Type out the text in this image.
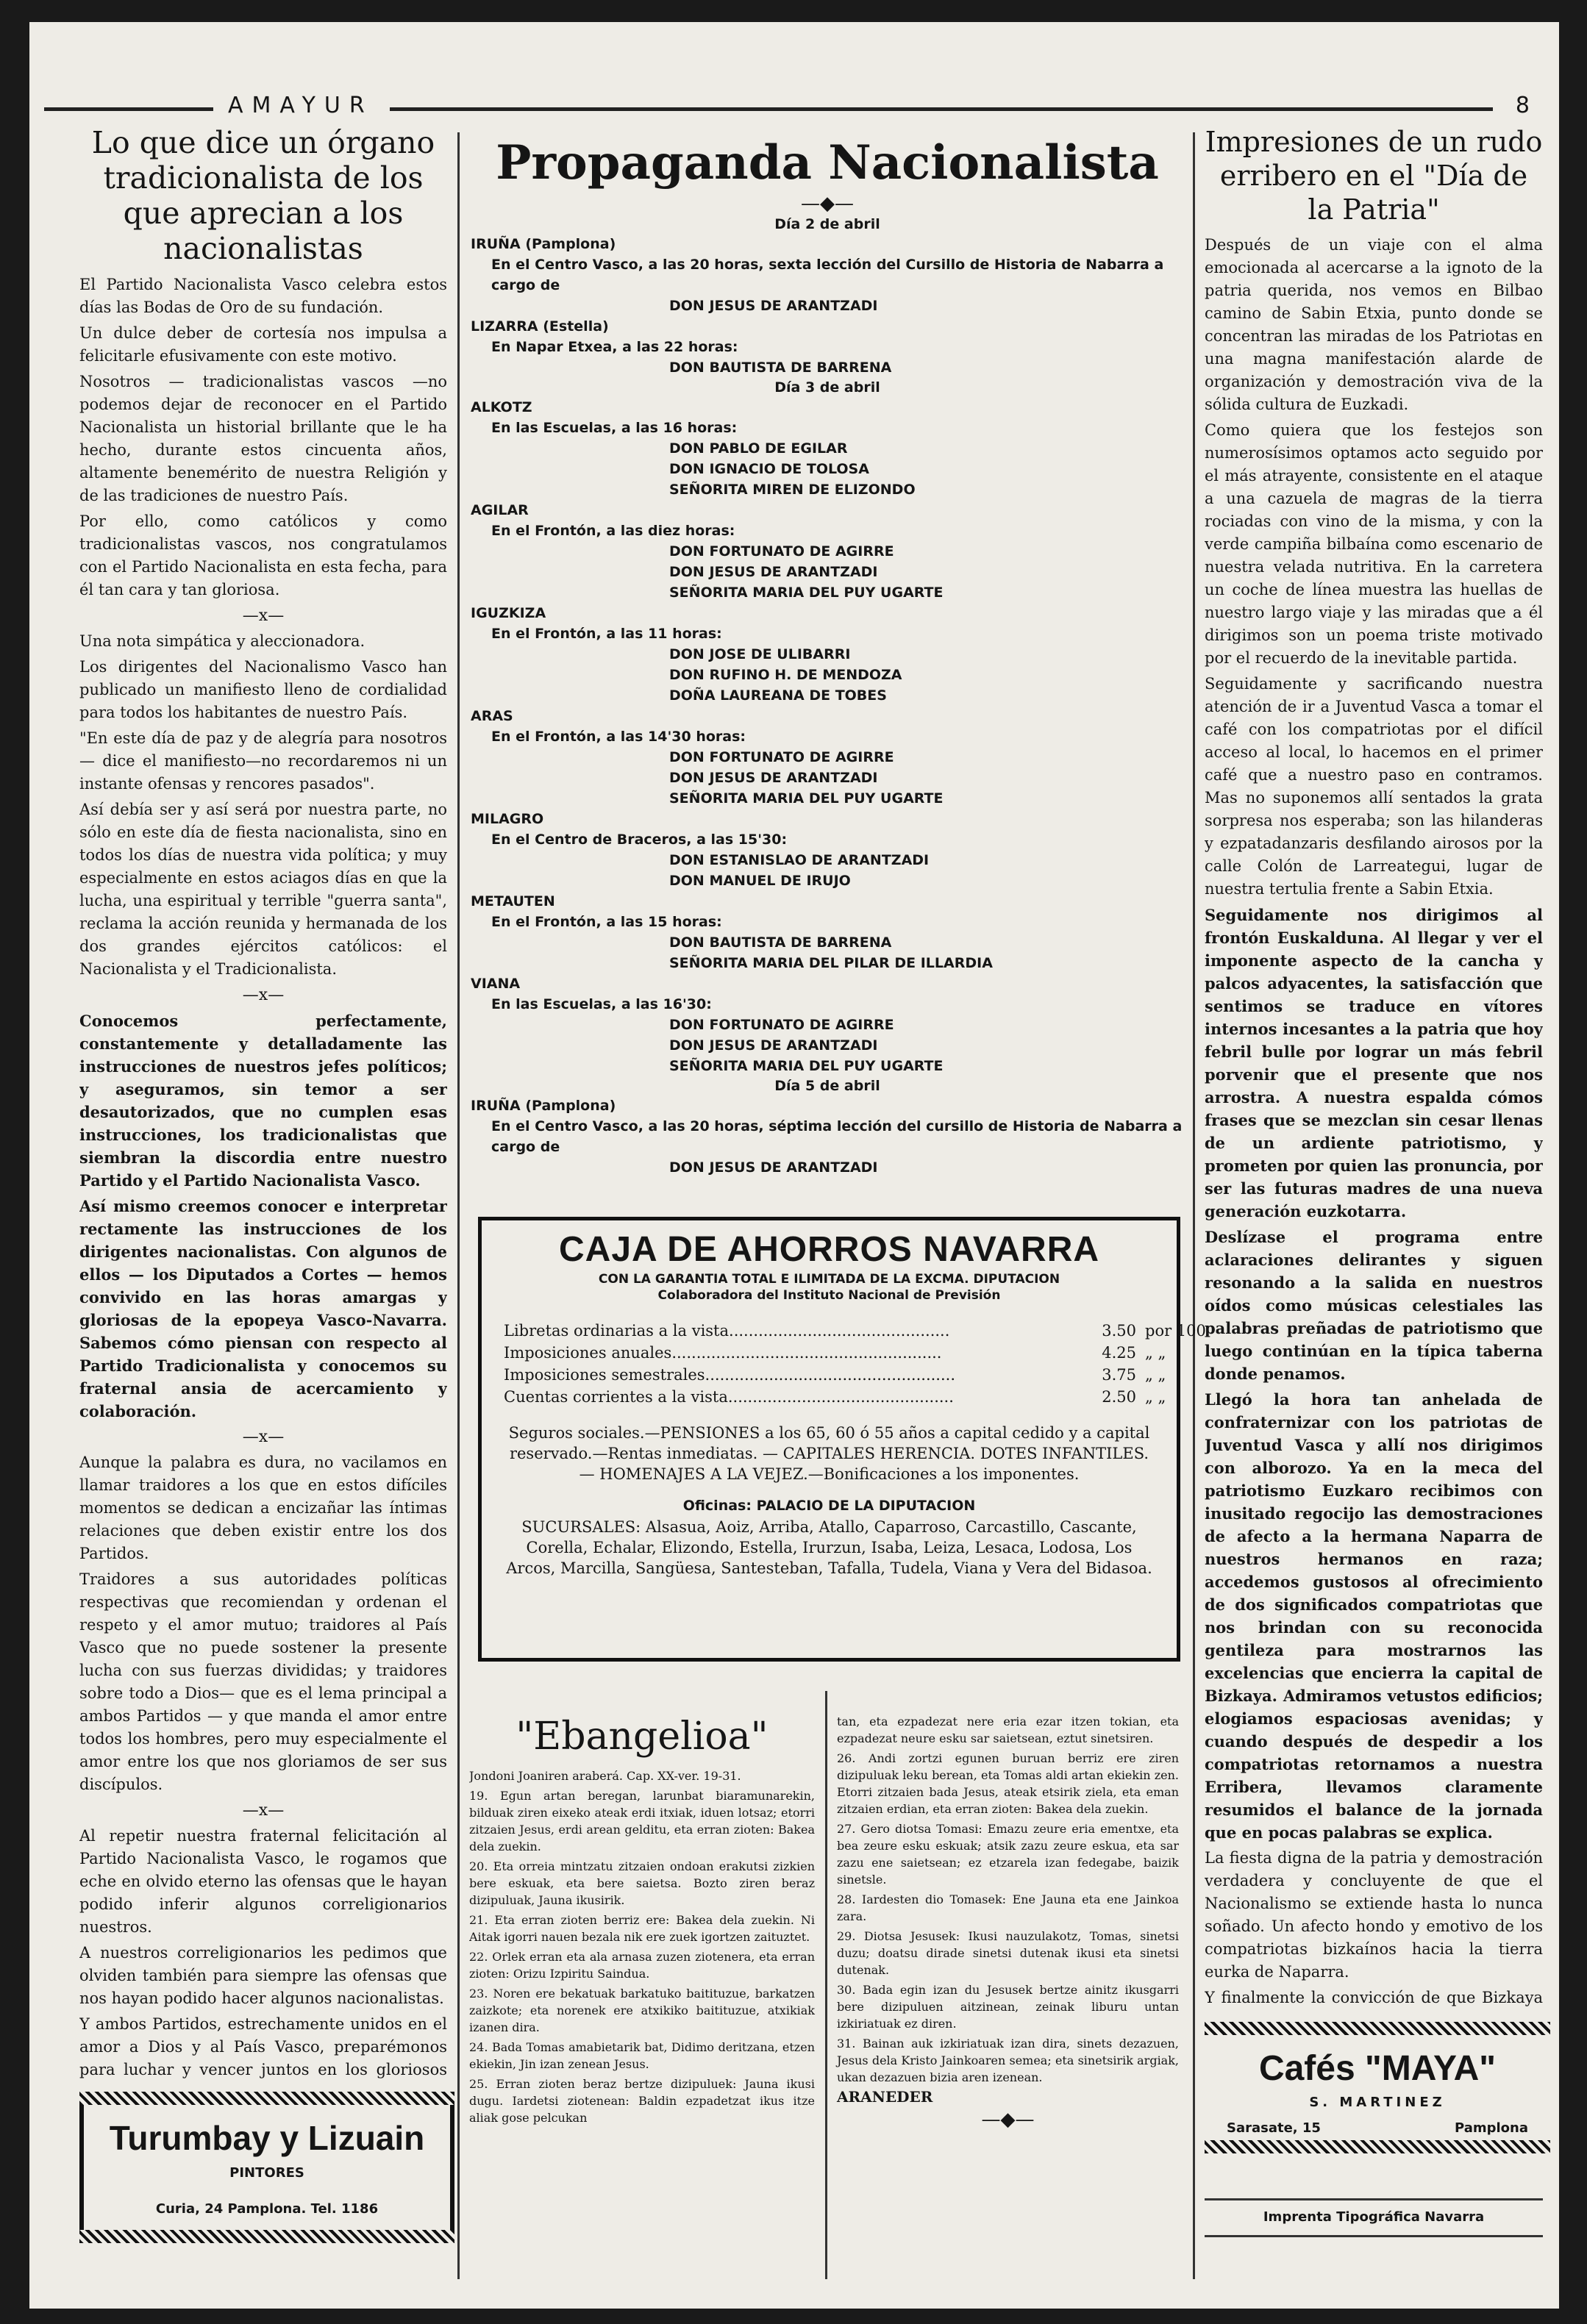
AMAYUR	8
Lo que dice un órgano tradicionalista de los que aprecian a los nacionalistas

El Partido Nacionalista Vasco celebra estos días las Bodas de Oro de su fundación.

Un dulce deber de cortesía nos impulsa a felicitarle efusivamente con este motivo.

Nosotros — tradicionalistas vascos —no podemos dejar de reconocer en el Partido Nacionalista un historial brillante que le ha hecho, durante estos cincuenta años, altamente benemérito de nuestra Religión y de las tradiciones de nuestro País.

Por ello, como católicos y como tradicionalistas vascos, nos congratulamos con el Partido Nacionalista en esta fecha, para él tan cara y tan gloriosa.

—x—

Una nota simpática y aleccionadora.

Los dirigentes del Nacionalismo Vasco han publicado un manifiesto lleno de cordialidad para todos los habitantes de nuestro País.

"En este día de paz y de alegría para nosotros — dice el manifiesto—no recordaremos ni un instante ofensas y rencores pasados".

Así debía ser y así será por nuestra parte, no sólo en este día de fiesta nacionalista, sino en todos los días de nuestra vida política; y muy especialmente en estos aciagos días en que la lucha, una espiritual y terrible "guerra santa", reclama la acción reunida y hermanada de los dos grandes ejércitos católicos: el Nacionalista y el Tradicionalista.

—x—

Conocemos perfectamente, constantemente y detalladamente las instrucciones de nuestros jefes políticos; y aseguramos, sin temor a ser desautorizados, que no cumplen esas instrucciones, los tradicionalistas que siembran la discordia entre nuestro Partido y el Partido Nacionalista Vasco.

Así mismo creemos conocer e interpretar rectamente las instrucciones de los dirigentes nacionalistas. Con algunos de ellos — los Diputados a Cortes — hemos convivido en las horas amargas y gloriosas de la epopeya Vasco-Navarra. Sabemos cómo piensan con respecto al Partido Tradicionalista y conocemos su fraternal ansia de acercamiento y colaboración.

—x—

Aunque la palabra es dura, no vacilamos en llamar traidores a los que en estos difíciles momentos se dedican a encizañar las íntimas relaciones que deben existir entre los dos Partidos.

Traidores a sus autoridades políticas respectivas que recomiendan y ordenan el respeto y el amor mutuo; traidores al País Vasco que no puede sostener la presente lucha con sus fuerzas divididas; y traidores sobre todo a Dios— que es el lema principal a ambos Partidos — y que manda el amor entre todos los hombres, pero muy especialmente el amor entre los que nos gloriamos de ser sus discípulos.

—x—

Al repetir nuestra fraternal felicitación al Partido Nacionalista Vasco, le rogamos que eche en olvido eterno las ofensas que le hayan podido inferir algunos correligionarios nuestros.

A nuestros correligionarios les pedimos que olviden también para siempre las ofensas que nos hayan podido hacer algunos nacionalistas.

Y ambos Partidos, estrechamente unidos en el amor a Dios y al País Vasco, preparémonos para luchar y vencer juntos en los gloriosos

Turumbay y Lizuain
PINTORES
Curia, 24 Pamplona. Tel. 1186
Propaganda Nacionalista
—◆—
Día 2 de abril
IRUÑA (Pamplona)
En el Centro Vasco, a las 20 horas, sexta lección del Cursillo de Historia de Nabarra a cargo de
DON JESUS DE ARANTZADI
LIZARRA (Estella)
En Napar Etxea, a las 22 horas:
DON BAUTISTA DE BARRENA
Día 3 de abril
ALKOTZ
En las Escuelas, a las 16 horas:
DON PABLO DE EGILAR
DON IGNACIO DE TOLOSA
SEÑORITA MIREN DE ELIZONDO
AGILAR
En el Frontón, a las diez horas:
DON FORTUNATO DE AGIRRE
DON JESUS DE ARANTZADI
SEÑORITA MARIA DEL PUY UGARTE
IGUZKIZA
En el Frontón, a las 11 horas:
DON JOSE DE ULIBARRI
DON RUFINO H. DE MENDOZA
DOÑA LAUREANA DE TOBES
ARAS
En el Frontón, a las 14'30 horas:
DON FORTUNATO DE AGIRRE
DON JESUS DE ARANTZADI
SEÑORITA MARIA DEL PUY UGARTE
MILAGRO
En el Centro de Braceros, a las 15'30:
DON ESTANISLAO DE ARANTZADI
DON MANUEL DE IRUJO
METAUTEN
En el Frontón, a las 15 horas:
DON BAUTISTA DE BARRENA
SEÑORITA MARIA DEL PILAR DE ILLARDIA
VIANA
En las Escuelas, a las 16'30:
DON FORTUNATO DE AGIRRE
DON JESUS DE ARANTZADI
SEÑORITA MARIA DEL PUY UGARTE
Día 5 de abril
IRUÑA (Pamplona)
En el Centro Vasco, a las 20 horas, séptima lección del cursillo de Historia de Nabarra a cargo de
DON JESUS DE ARANTZADI
CAJA DE AHORROS NAVARRA
CON LA GARANTIA TOTAL E ILIMITADA DE LA EXCMA. DIPUTACION
Colaboradora del Instituto Nacional de Previsión
Libretas ordinarias a la vista.............................................	3.50 por 100
Imposiciones anuales.......................................................	4.25 „ „
Imposiciones semestrales...................................................	3.75 „ „
Cuentas corrientes a la vista..............................................	2.50 „ „
Seguros sociales.—PENSIONES a los 65, 60 ó 55 años a capital cedido y a capital reservado.—Rentas inmediatas. — CAPITALES HERENCIA. DOTES INFANTILES. — HOMENAJES A LA VEJEZ.—Bonificaciones a los imponentes.
Oficinas: PALACIO DE LA DIPUTACION
SUCURSALES: Alsasua, Aoiz, Arriba, Atallo, Caparroso, Carcastillo, Cascante, Corella, Echalar, Elizondo, Estella, Irurzun, Isaba, Leiza, Lesaca, Lodosa, Los Arcos, Marcilla, Sangüesa, Santesteban, Tafalla, Tudela, Viana y Vera del Bidasoa.
"Ebangelioa"

Jondoni Joaniren araberá. Cap. XX-ver. 19-31.

19. Egun artan beregan, larunbat biaramunarekin, bilduak ziren eixeko ateak erdi itxiak, iduen lotsaz; etorri zitzaien Jesus, erdi arean gelditu, eta erran zioten: Bakea dela zuekin.

20. Eta orreia mintzatu zitzaien ondoan erakutsi zizkien bere eskuak, eta bere saietsa. Bozto ziren beraz dizipuluak, Jauna ikusirik.

21. Eta erran zioten berriz ere: Bakea dela zuekin. Ni Aitak igorri nauen bezala nik ere zuek igortzen zaituztet.

22. Orlek erran eta ala arnasa zuzen ziotenera, eta erran zioten: Orizu Izpiritu Saindua.

23. Noren ere bekatuak barkatuko baitituzue, barkatzen zaizkote; eta norenek ere atxikiko baitituzue, atxikiak izanen dira.

24. Bada Tomas amabietarik bat, Didimo deritzana, etzen ekiekin, Jin izan zenean Jesus.

25. Erran zioten beraz bertze dizipuluek: Jauna ikusi dugu. Iardetsi ziotenean: Baldin ezpadetzat ikus itze aliak gose pelcukan

tan, eta ezpadezat nere eria ezar itzen tokian, eta ezpadezat neure esku sar saietsean, eztut sinetsiren.

26. Andi zortzi egunen buruan berriz ere ziren dizipuluak leku berean, eta Tomas aldi artan ekiekin zen. Etorri zitzaien bada Jesus, ateak etsirik ziela, eta eman zitzaien erdian, eta erran zioten: Bakea dela zuekin.

27. Gero diotsa Tomasi: Emazu zeure eria ementxe, eta bea zeure esku eskuak; atsik zazu zeure eskua, eta sar zazu ene saietsean; ez etzarela izan fedegabe, baizik sinetsle.

28. Iardesten dio Tomasek: Ene Jauna eta ene Jainkoa zara.

29. Diotsa Jesusek: Ikusi nauzulakotz, Tomas, sinetsi duzu; doatsu dirade sinetsi dutenak ikusi eta sinetsi dutenak.

30. Bada egin izan du Jesusek bertze ainitz ikusgarri bere dizipuluen aitzinean, zeinak liburu untan izkiriatuak ez diren.

31. Bainan auk izkiriatuak izan dira, sinets dezazuen, Jesus dela Kristo Jainkoaren semea; eta sinetsirik argiak, ukan dezazuen bizia aren izenean.

ARANEDER

—◆—
Impresiones de un rudo erribero en el "Día de la Patria"

Después de un viaje con el alma emocionada al acercarse a la ignoto de la patria querida, nos vemos en Bilbao camino de Sabin Etxia, punto donde se concentran las miradas de los Patriotas en una magna manifestación alarde de organización y demostración viva de la sólida cultura de Euzkadi.

Como quiera que los festejos son numerosísimos optamos acto seguido por el más atrayente, consistente en el ataque a una cazuela de magras de la tierra rociadas con vino de la misma, y con la verde campiña bilbaína como escenario de nuestra velada nutritiva. En la carretera un coche de línea muestra las huellas de nuestro largo viaje y las miradas que a él dirigimos son un poema triste motivado por el recuerdo de la inevitable partida.

Seguidamente y sacrificando nuestra atención de ir a Juventud Vasca a tomar el café con los compatriotas por el difícil acceso al local, lo hacemos en el primer café que a nuestro paso en contramos. Mas no suponemos allí sentados la grata sorpresa nos esperaba; son las hilanderas y ezpatadanzaris desfilando airosos por la calle Colón de Larreategui, lugar de nuestra tertulia frente a Sabin Etxia.

Seguidamente nos dirigimos al frontón Euskalduna. Al llegar y ver el imponente aspecto de la cancha y palcos adyacentes, la satisfacción que sentimos se traduce en vítores internos incesantes a la patria que hoy febril bulle por lograr un más febril porvenir que el presente que nos arrostra. A nuestra espalda cómos frases que se mezclan sin cesar llenas de un ardiente patriotismo, y prometen por quien las pronuncia, por ser las futuras madres de una nueva generación euzkotarra.

Deslízase el programa entre aclaraciones delirantes y siguen resonando a la salida en nuestros oídos como músicas celestiales las palabras preñadas de patriotismo que luego continúan en la típica taberna donde penamos.

Llegó la hora tan anhelada de confraternizar con los patriotas de Juventud Vasca y allí nos dirigimos con alborozo. Ya en la meca del patriotismo Euzkaro recibimos con inusitado regocijo las demostraciones de afecto a la hermana Naparra de nuestros hermanos en raza; accedemos gustosos al ofrecimiento de dos significados compatriotas que nos brindan con su reconocida gentileza para mostrarnos las excelencias que encierra la capital de Bizkaya. Admiramos vetustos edificios; elogiamos espaciosas avenidas; y cuando después de despedir a los compatriotas retornamos a nuestra Erribera, llevamos claramente resumidos el balance de la jornada que en pocas palabras se explica.

La fiesta digna de la patria y demostración verdadera y concluyente de que el Nacionalismo se extiende hasta lo nunca soñado. Un afecto hondo y emotivo de los compatriotas bizkaínos hacia la tierra eurka de Naparra.

Y finalmente la convicción de que Bizkaya

Cafés "MAYA"
S. MARTINEZ
Sarasate, 15	Pamplona
Imprenta Tipográfica Navarra
